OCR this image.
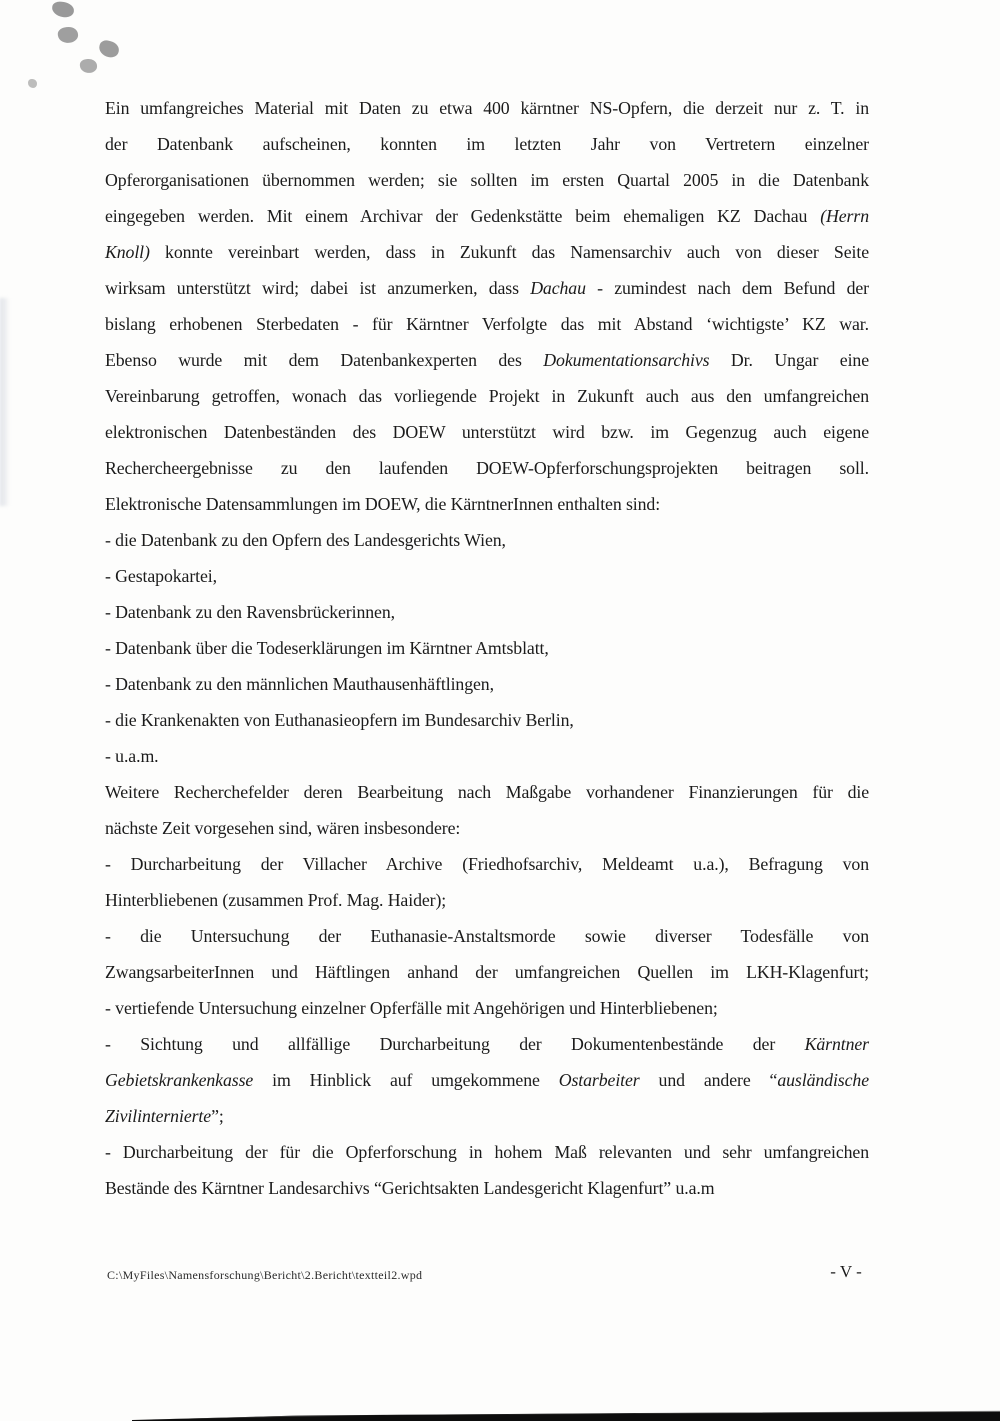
Ein umfangreiches Material mit Daten zu etwa 400 kärntner NS-Opfern, die derzeit nur z. T. in
der Datenbank aufscheinen, konnten im letzten Jahr von Vertretern einzelner
Opferorganisationen übernommen werden; sie sollten im ersten Quartal 2005 in die Datenbank
eingegeben werden. Mit einem Archivar der Gedenkstätte beim ehemaligen KZ Dachau (Herrn
Knoll) konnte vereinbart werden, dass in Zukunft das Namensarchiv auch von dieser Seite
wirksam unterstützt wird; dabei ist anzumerken, dass Dachau - zumindest nach dem Befund der
bislang erhobenen Sterbedaten - für Kärntner Verfolgte das mit Abstand ‘wichtigste’ KZ war.
Ebenso wurde mit dem Datenbankexperten des Dokumentationsarchivs Dr. Ungar eine
Vereinbarung getroffen, wonach das vorliegende Projekt in Zukunft auch aus den umfangreichen
elektronischen Datenbeständen des DOEW unterstützt wird bzw. im Gegenzug auch eigene
Rechercheergebnisse zu den laufenden DOEW-Opferforschungsprojekten beitragen soll.
Elektronische Datensammlungen im DOEW, die KärntnerInnen enthalten sind:
- die Datenbank zu den Opfern des Landesgerichts Wien,
- Gestapokartei,
- Datenbank zu den Ravensbrückerinnen,
- Datenbank über die Todeserklärungen im Kärntner Amtsblatt,
- Datenbank zu den männlichen Mauthausenhäftlingen,
- die Krankenakten von Euthanasieopfern im Bundesarchiv Berlin,
- u.a.m.
Weitere Recherchefelder deren Bearbeitung nach Maßgabe vorhandener Finanzierungen für die
nächste Zeit vorgesehen sind, wären insbesondere:
- Durcharbeitung der Villacher Archive (Friedhofsarchiv, Meldeamt u.a.), Befragung von
Hinterbliebenen (zusammen Prof. Mag. Haider);
- die Untersuchung der Euthanasie-Anstaltsmorde sowie diverser Todesfälle von
ZwangsarbeiterInnen und Häftlingen anhand der umfangreichen Quellen im LKH-Klagenfurt;
- vertiefende Untersuchung einzelner Opferfälle mit Angehörigen und Hinterbliebenen;
- Sichtung und allfällige Durcharbeitung der Dokumentenbestände der Kärntner
Gebietskrankenkasse im Hinblick auf umgekommene Ostarbeiter und andere “ausländische
Zivilinternierte”;
- Durcharbeitung der für die Opferforschung in hohem Maß relevanten und sehr umfangreichen
Bestände des Kärntner Landesarchivs “Gerichtsakten Landesgericht Klagenfurt” u.a.m
C:\MyFiles\Namensforschung\Bericht\2.Bericht\textteil2.wpd	- V -
